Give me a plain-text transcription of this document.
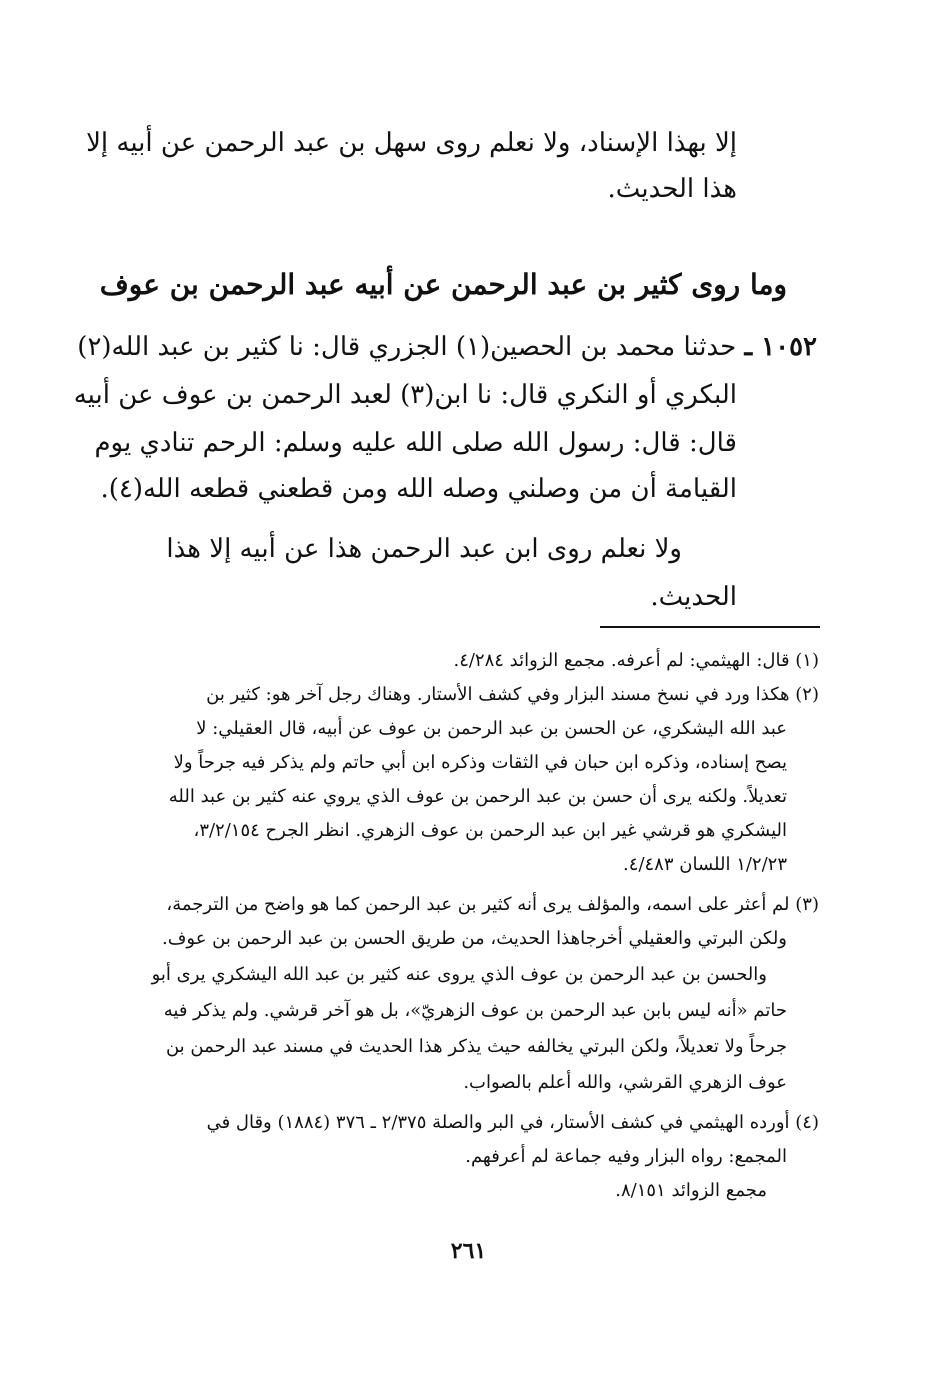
إلا بهذا الإسناد، ولا نعلم روى سهل بن عبد الرحمن عن أبيه إلا
هذا الحديث.
وما روى كثير بن عبد الرحمن عن أبيه عبد الرحمن بن عوف
١٠٥٢ ـ حدثنا محمد بن الحصين(١) الجزري قال: نا كثير بن عبد الله(٢)
البكري أو النكري قال: نا ابن(٣) لعبد الرحمن بن عوف عن أبيه
قال: قال: رسول الله صلى الله عليه وسلم: الرحم تنادي يوم
القيامة أن من وصلني وصله الله ومن قطعني قطعه الله(٤).
ولا نعلم روى ابن عبد الرحمن هذا عن أبيه إلا هذا
الحديث.
(١) قال: الهيثمي: لم أعرفه. مجمع الزوائد ٤/٢٨٤.
(٢) هكذا ورد في نسخ مسند البزار وفي كشف الأستار. وهناك رجل آخر هو: كثير بن
عبد الله اليشكري، عن الحسن بن عبد الرحمن بن عوف عن أبيه، قال العقيلي: لا
يصح إسناده، وذكره ابن حبان في الثقات وذكره ابن أبي حاتم ولم يذكر فيه جرحاً ولا
تعديلاً. ولكنه يرى أن حسن بن عبد الرحمن بن عوف الذي يروي عنه كثير بن عبد الله
اليشكري هو قرشي غير ابن عبد الرحمن بن عوف الزهري. انظر الجرح ٣/٢/١٥٤،
١/٢/٢٣ اللسان ٤/٤٨٣.
(٣) لم أعثر على اسمه، والمؤلف يرى أنه كثير بن عبد الرحمن كما هو واضح من الترجمة،
ولكن البرتي والعقيلي أخرجاهذا الحديث، من طريق الحسن بن عبد الرحمن بن عوف.
والحسن بن عبد الرحمن بن عوف الذي يروى عنه كثير بن عبد الله اليشكري يرى أبو
حاتم «أنه ليس بابن عبد الرحمن بن عوف الزهريّ»، بل هو آخر قرشي. ولم يذكر فيه
جرحاً ولا تعديلاً، ولكن البرتي يخالفه حيث يذكر هذا الحديث في مسند عبد الرحمن بن
عوف الزهري القرشي، والله أعلم بالصواب.
(٤) أورده الهيثمي في كشف الأستار، في البر والصلة ٢/٣٧٥ ـ ٣٧٦ (١٨٨٤) وقال في
المجمع: رواه البزار وفيه جماعة لم أعرفهم.
مجمع الزوائد ٨/١٥١.
٢٦١
